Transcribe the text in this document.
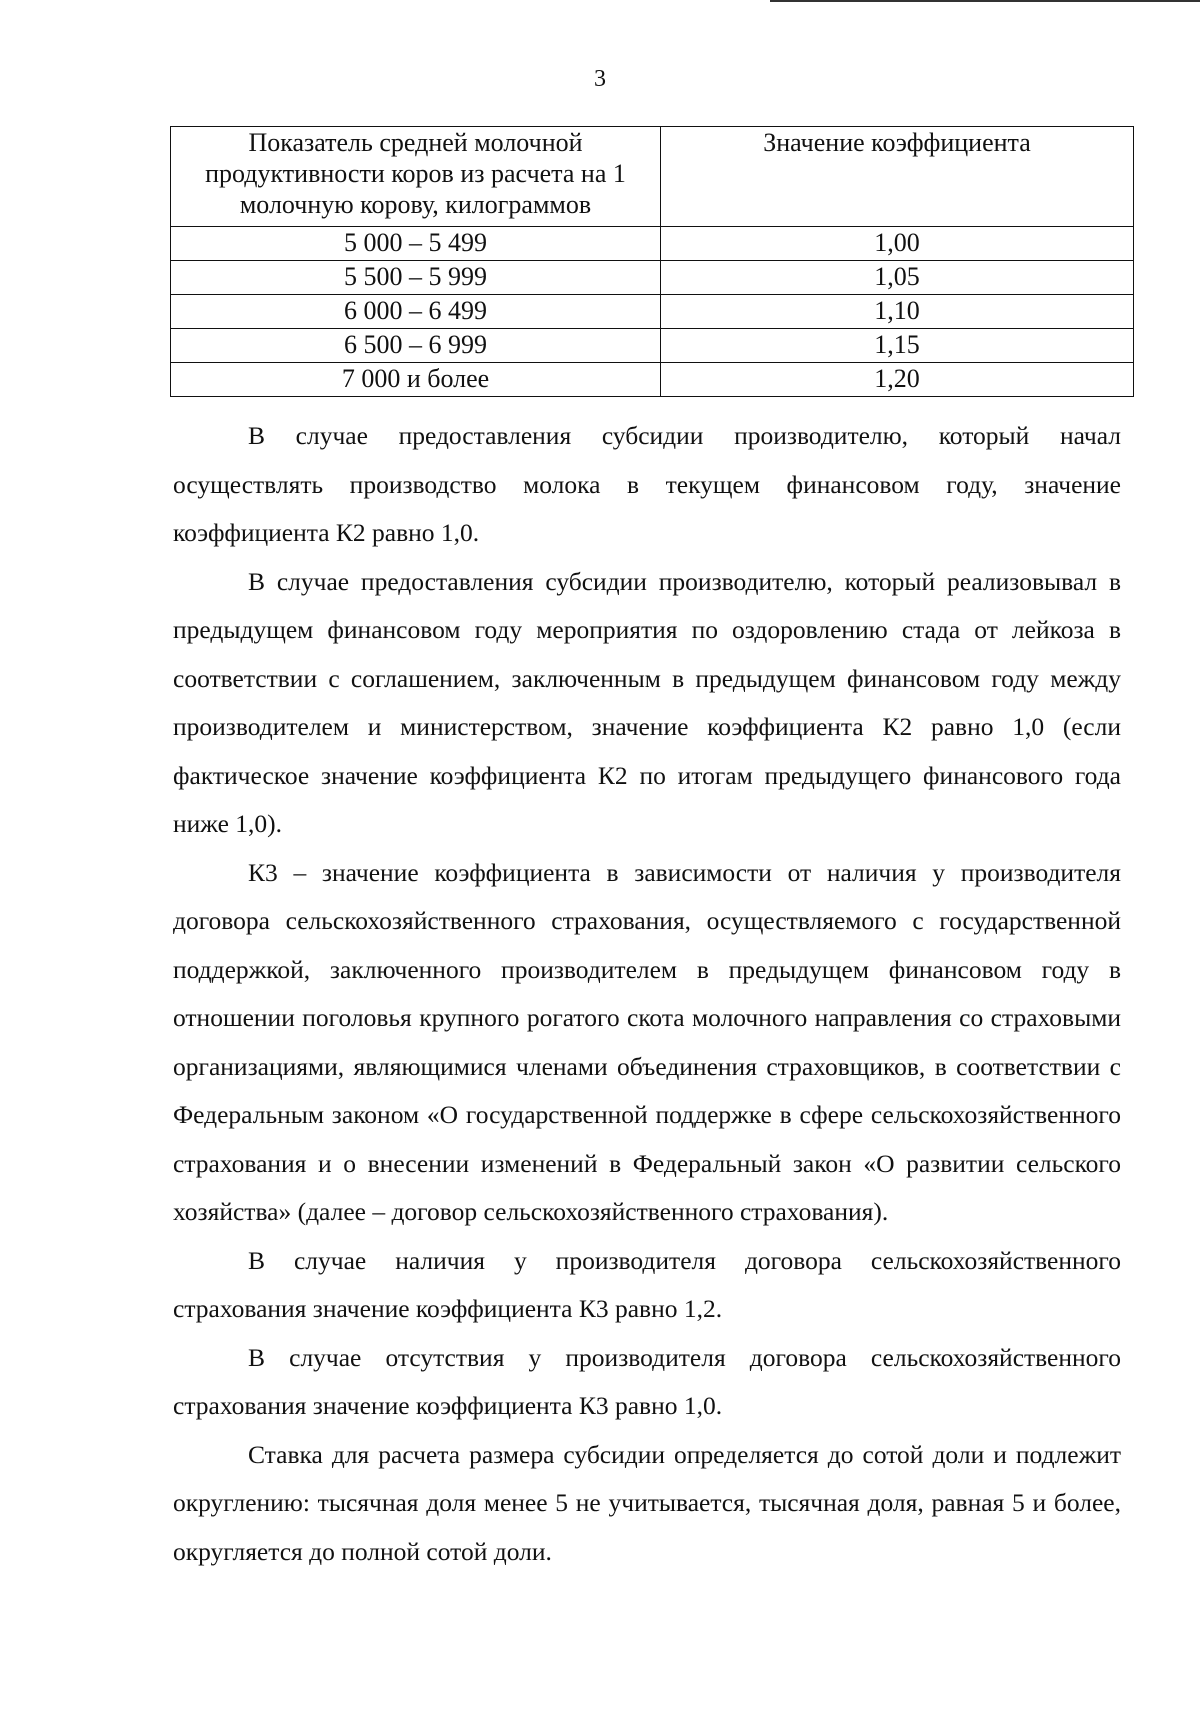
3
Показатель средней молочной продуктивности коров из расчета на 1 молочную корову, килограммов	Значение коэффициента
5 000 – 5 499	1,00
5 500 – 5 999	1,05
6 000 – 6 499	1,10
6 500 – 6 999	1,15
7 000 и более	1,20

В случае предоставления субсидии производителю, который начал осуществлять производство молока в текущем финансовом году, значение коэффициента К2 равно 1,0.

В случае предоставления субсидии производителю, который реализовывал в предыдущем финансовом году мероприятия по оздоровлению стада от лейкоза в соответствии с соглашением, заключенным в предыдущем финансовом году между производителем и министерством, значение коэффициента К2 равно 1,0 (если фактическое значение коэффициента К2 по итогам предыдущего финансового года ниже 1,0).

К3 – значение коэффициента в зависимости от наличия у производителя договора сельскохозяйственного страхования, осуществляемого с государственной поддержкой, заключенного производителем в предыдущем финансовом году в отношении поголовья крупного рогатого скота молочного направления со страховыми организациями, являющимися членами объединения страховщиков, в соответствии с Федеральным законом «О государственной поддержке в сфере сельскохозяйственного страхования и о внесении изменений в Федеральный закон «О развитии сельского хозяйства» (далее – договор сельскохозяйственного страхования).

В случае наличия у производителя договора сельскохозяйственного страхования значение коэффициента К3 равно 1,2.

В случае отсутствия у производителя договора сельскохозяйственного страхования значение коэффициента К3 равно 1,0.

Ставка для расчета размера субсидии определяется до сотой доли и подлежит округлению: тысячная доля менее 5 не учитывается, тысячная доля, равная 5 и более, округляется до полной сотой доли.
